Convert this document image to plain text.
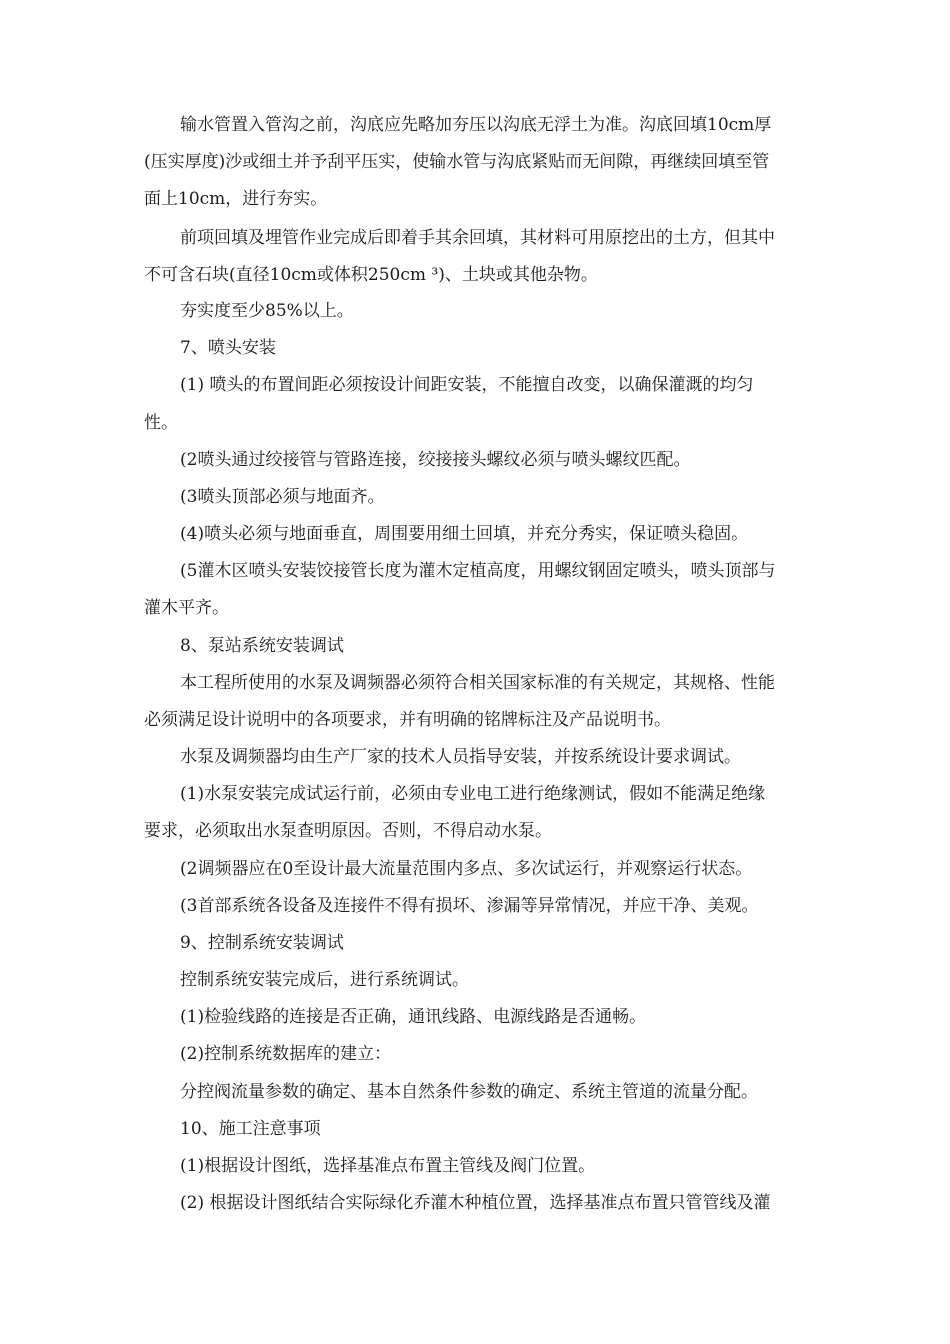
输水管置入管沟之前，沟底应先略加夯压以沟底无浮土为准。沟底回填10cm厚

(压实厚度)沙或细土并予刮平压实，使输水管与沟底紧贴而无间隙，再继续回填至管

面上10cm，进行夯实。

前项回填及埋管作业完成后即着手其余回填，其材料可用原挖出的土方，但其中

不可含石块(直径10cm或体积250cm ³)、土块或其他杂物。

夯实度至少85%以上。

7、喷头安装

(1) 喷头的布置间距必须按设计间距安装，不能擅自改变，以确保灌溉的均匀

性。

(2喷头通过绞接管与管路连接，绞接接头螺纹必须与喷头螺纹匹配。

(3喷头顶部必须与地面齐。

(4)喷头必须与地面垂直，周围要用细土回填，并充分秀实，保证喷头稳固。

(5灌木区喷头安装饺接管长度为灌木定植高度，用螺纹钢固定喷头，喷头顶部与

灌木平齐。

8、泵站系统安装调试

本工程所使用的水泵及调频器必须符合相关国家标准的有关规定，其规格、性能

必须满足设计说明中的各项要求，并有明确的铭牌标注及产品说明书。

水泵及调频器均由生产厂家的技术人员指导安装，并按系统设计要求调试。

(1)水泵安装完成试运行前，必须由专业电工进行绝缘测试，假如不能满足绝缘

要求，必须取出水泵查明原因。否则，不得启动水泵。

(2调频器应在0至设计最大流量范围内多点、多次试运行，并观察运行状态。

(3首部系统各设备及连接件不得有损坏、渗漏等异常情况，并应干净、美观。

9、控制系统安装调试

控制系统安装完成后，进行系统调试。

(1)检验线路的连接是否正确，通讯线路、电源线路是否通畅。

(2)控制系统数据库的建立：

分控阀流量参数的确定、基本自然条件参数的确定、系统主管道的流量分配。

10、施工注意事项

(1)根据设计图纸，选择基准点布置主管线及阀门位置。

(2) 根据设计图纸结合实际绿化乔灌木种植位置，选择基准点布置只管管线及灌
